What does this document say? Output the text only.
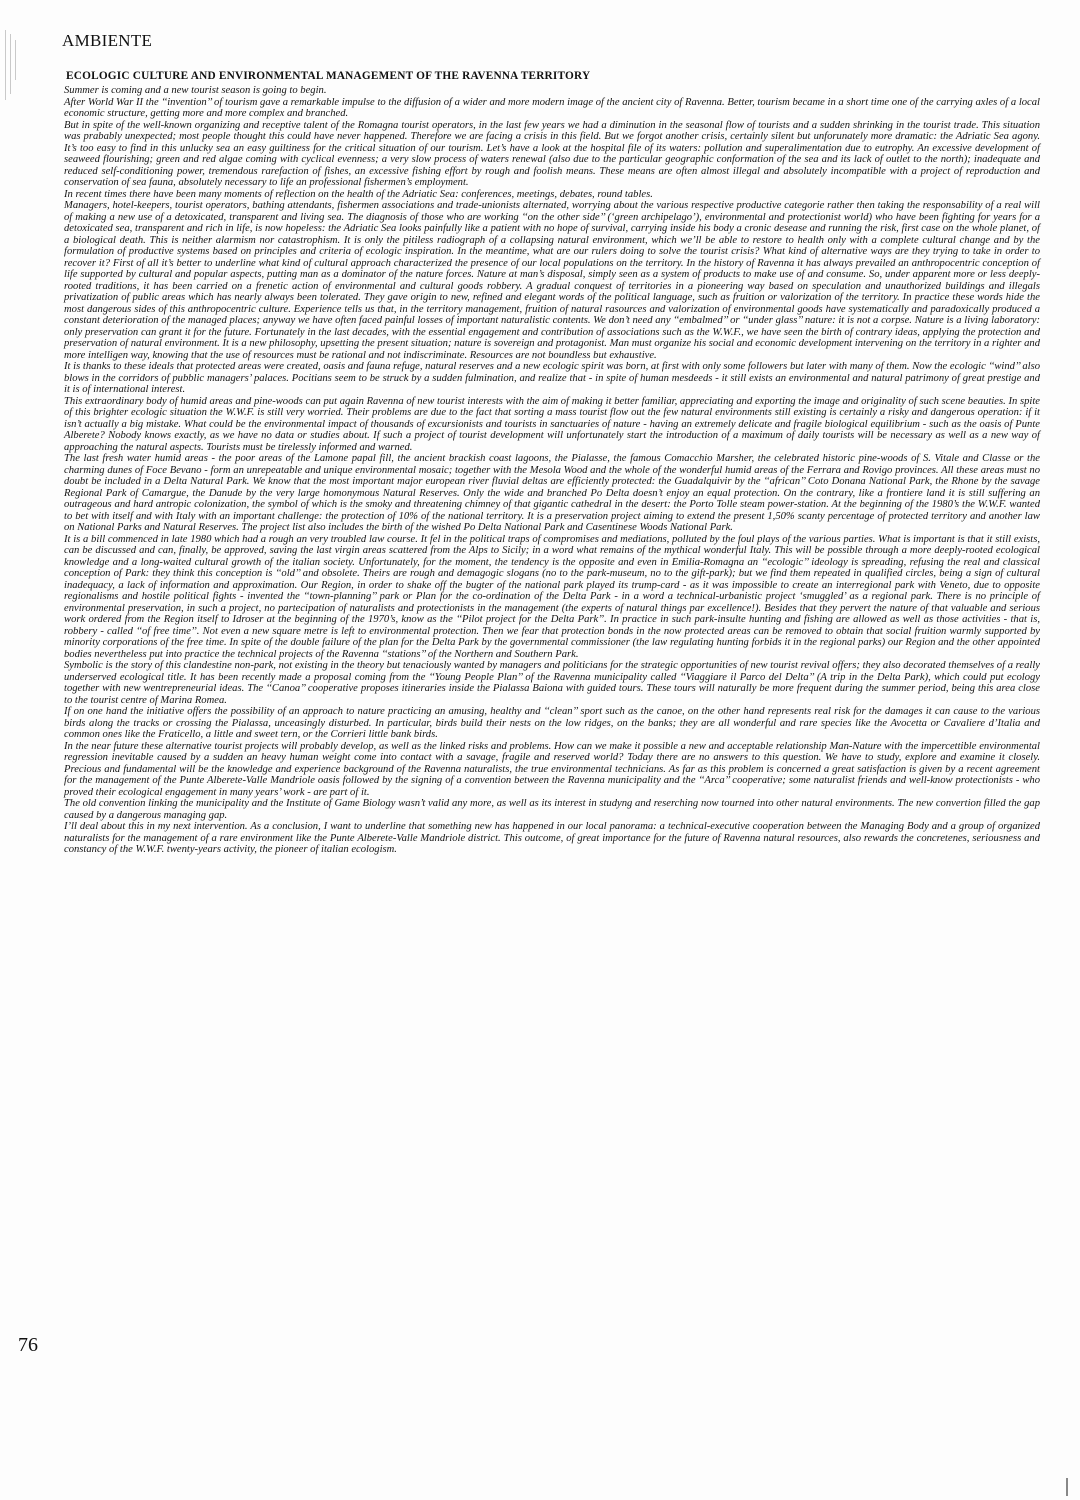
AMBIENTE
ECOLOGIC CULTURE AND ENVIRONMENTAL MANAGEMENT OF THE RAVENNA TERRITORY

Summer is coming and a new tourist season is going to begin.

After World War II the ‘‘invention’’ of tourism gave a remarkable impulse to the diffusion of a wider and more modern image of the ancient city of Ravenna. Better, tourism became in a short time one of the carrying axles of a local economic structure, getting more and more complex and branched.

But in spite of the well-known organizing and receptive talent of the Romagna tourist operators, in the last few years we had a diminution in the seasonal flow of tourists and a sudden shrinking in the tourist trade. This situation was prabably unexpected; most people thought this could have never happened. Therefore we are facing a crisis in this field. But we forgot another crisis, certainly silent but unforunately more dramatic: the Adriatic Sea agony. It’s too easy to find in this unlucky sea an easy guiltiness for the critical situation of our tourism. Let’s have a look at the hospital file of its waters: pollution and superalimentation due to eutrophy. An excessive development of seaweed flourishing; green and red algae coming with cyclical evenness; a very slow process of waters renewal (also due to the particular geographic conformation of the sea and its lack of outlet to the north); inadequate and reduced self-conditioning power, tremendous rarefaction of fishes, an excessive fishing effort by rough and foolish means. These means are often almost illegal and absolutely incompatible with a project of reproduction and conservation of sea fauna, absolutely necessary to life an professional fishermen’s employment.

In recent times there have been many moments of reflection on the health of the Adriatic Sea: conferences, meetings, debates, round tables.

Managers, hotel-keepers, tourist operators, bathing attendants, fishermen associations and trade-unionists alternated, worrying about the various respective productive categorie rather then taking the responsability of a real will of making a new use of a detoxicated, transparent and living sea. The diagnosis of those who are working ‘‘on the other side’’ (‘green archipelago’), environmental and protectionist world) who have been fighting for years for a detoxicated sea, transparent and rich in life, is now hopeless: the Adriatic Sea looks painfully like a patient with no hope of survival, carrying inside his body a cronic desease and running the risk, first case on the whole planet, of a biological death. This is neither alarmism nor catastrophism. It is only the pitiless radiograph of a collapsing natural environment, which we’ll be able to restore to health only with a complete cultural change and by the formulation of productive systems based on principles and criteria of ecologic inspiration. In the meantime, what are our rulers doing to solve the tourist crisis? What kind of alternative ways are they trying to take in order to recover it? First of all it’s better to underline what kind of cultural approach characterized the presence of our local populations on the territory. In the history of Ravenna it has always prevailed an anthropocentric conception of life supported by cultural and popular aspects, putting man as a dominator of the nature forces. Nature at man’s disposal, simply seen as a system of products to make use of and consume. So, under apparent more or less deeply-rooted traditions, it has been carried on a frenetic action of environmental and cultural goods robbery. A gradual conquest of territories in a pioneering way based on speculation and unauthorized buildings and illegals privatization of public areas which has nearly always been tolerated. They gave origin to new, refined and elegant words of the political language, such as fruition or valorization of the territory. In practice these words hide the most dangerous sides of this anthropocentric culture. Experience tells us that, in the territory management, fruition of natural rasources and valorization of environmental goods have systematically and paradoxically produced a constant deterioration of the managed places; anyway we have often faced painful losses of important naturalistic contents. We don’t need any ‘‘embalmed’’ or ‘‘under glass’’ nature: it is not a corpse. Nature is a living laboratory: only preservation can grant it for the future. Fortunately in the last decades, with the essential engagement and contribution of associations such as the W.W.F., we have seen the birth of contrary ideas, applying the protection and preservation of natural environment. It is a new philosophy, upsetting the present situation; nature is sovereign and protagonist. Man must organize his social and economic development intervening on the territory in a righter and more intelligen way, knowing that the use of resources must be rational and not indiscriminate. Resources are not boundless but exhaustive.

It is thanks to these ideals that protected areas were created, oasis and fauna refuge, natural reserves and a new ecologic spirit was born, at first with only some followers but later with many of them. Now the ecologic ‘‘wind’’ also blows in the corridors of pubblic managers’ palaces. Pocitians seem to be struck by a sudden fulmination, and realize that - in spite of human mesdeeds - it still exists an environmental and natural patrimony of great prestige and it is of international interest.

This extraordinary body of humid areas and pine-woods can put again Ravenna of new tourist interests with the aim of making it better familiar, appreciating and exporting the image and originality of such scene beauties. In spite of this brighter ecologic situation the W.W.F. is still very worried. Their problems are due to the fact that sorting a mass tourist flow out the few natural environments still existing is certainly a risky and dangerous operation: if it isn’t actually a big mistake. What could be the environmental impact of thousands of excursionists and tourists in sanctuaries of nature - having an extremely delicate and fragile biological equilibrium - such as the oasis of Punte Alberete? Nobody knows exactly, as we have no data or studies about. If such a project of tourist development will unfortunately start the introduction of a maximum of daily tourists will be necessary as well as a new way of approaching the natural aspects. Tourists must be tirelessly informed and warned.

The last fresh water humid areas - the poor areas of the Lamone papal fill, the ancient brackish coast lagoons, the Pialasse, the famous Comacchio Marsher, the celebrated historic pine-woods of S. Vitale and Classe or the charming dunes of Foce Bevano - form an unrepeatable and unique environmental mosaic; together with the Mesola Wood and the whole of the wonderful humid areas of the Ferrara and Rovigo provinces. All these areas must no doubt be included in a Delta Natural Park. We know that the most important major european river fluvial deltas are efficiently protected: the Guadalquivir by the ‘‘african’’ Coto Donana National Park, the Rhone by the savage Regional Park of Camargue, the Danude by the very large homonymous Natural Reserves. Only the wide and branched Po Delta doesn’t enjoy an equal protection. On the contrary, like a frontiere land it is still suffering an outrageous and hard antropic colonization, the symbol of which is the smoky and threatening chimney of that gigantic cathedral in the desert: the Porto Tolle steam power-station. At the beginning of the 1980’s the W.W.F. wanted to bet with itself and with Italy with an important challenge: the protection of 10% of the national territory. It is a preservation project aiming to extend the present 1,50% scanty percentage of protected territory and another law on National Parks and Natural Reserves. The project list also includes the birth of the wished Po Delta National Park and Casentinese Woods National Park.

It is a bill commenced in late 1980 which had a rough an very troubled law course. It fel in the political traps of compromises and mediations, polluted by the foul plays of the various parties. What is important is that it still exists, can be discussed and can, finally, be approved, saving the last virgin areas scattered from the Alps to Sicily; in a word what remains of the mythical wonderful Italy. This will be possible through a more deeply-rooted ecological knowledge and a long-waited cultural growth of the italian society. Unfortunately, for the moment, the tendency is the opposite and even in Emilia-Romagna an ‘‘ecologic’’ ideology is spreading, refusing the real and classical conception of Park: they think this conception is ‘‘old’’ and obsolete. Theirs are rough and demagogic slogans (no to the park-museum, no to the gift-park); but we find them repeated in qualified circles, being a sign of cultural inadequacy, a lack of information and approximation. Our Region, in order to shake off the bugter of the national park played its trump-card - as it was impossible to create an interregional park with Veneto, due to opposite regionalisms and hostile political fights - invented the ‘‘town-planning’’ park or Plan for the co-ordination of the Delta Park - in a word a technical-urbanistic project ‘smuggled’ as a regional park. There is no principle of environmental preservation, in such a project, no partecipation of naturalists and protectionists in the management (the experts of natural things par excellence!). Besides that they pervert the nature of that valuable and serious work ordered from the Region itself to Idroser at the beginning of the 1970’s, know as the ‘‘Pilot project for the Delta Park’’. In practice in such park-insulte hunting and fishing are allowed as well as those activities - that is, robbery - called ‘‘of free time’’. Not even a new square metre is left to environmental protection. Then we fear that protection bonds in the now protected areas can be removed to obtain that social fruition warmly supported by minority corporations of the free time. In spite of the double failure of the plan for the Delta Park by the governmental commissioner (the law regulating hunting forbids it in the regional parks) our Region and the other appointed bodies nevertheless put into practice the technical projects of the Ravenna ‘‘stations’’ of the Northern and Southern Park.

Symbolic is the story of this clandestine non-park, not existing in the theory but tenaciously wanted by managers and politicians for the strategic opportunities of new tourist revival offers; they also decorated themselves of a really underserved ecological title. It has been recently made a proposal coming from the ‘‘Young People Plan’’ of the Ravenna municipality called ‘‘Viaggiare il Parco del Delta’’ (A trip in the Delta Park), which could put ecology together with new wentrepreneurial ideas. The ‘‘Canoa’’ cooperative proposes itineraries inside the Pialassa Baiona with guided tours. These tours will naturally be more frequent during the summer period, being this area close to the tourist centre of Marina Romea.

If on one hand the initiative offers the possibility of an approach to nature practicing an amusing, healthy and ‘‘clean’’ sport such as the canoe, on the other hand represents real risk for the damages it can cause to the various birds along the tracks or crossing the Pialassa, unceasingly disturbed. In particular, birds build their nests on the low ridges, on the banks; they are all wonderful and rare species like the Avocetta or Cavaliere d’Italia and common ones like the Fraticello, a little and sweet tern, or the Corrieri little bank birds.

In the near future these alternative tourist projects will probably develop, as well as the linked risks and problems. How can we make it possible a new and acceptable relationship Man-Nature with the impercettible environmental regression inevitable caused by a sudden an heavy human weight come into contact with a savage, fragile and reserved world? Today there are no answers to this question. We have to study, explore and examine it closely. Precious and fundamental will be the knowledge and experience background of the Ravenna naturalists, the true environmental technicians. As far as this problem is concerned a great satisfaction is given by a recent agreement for the management of the Punte Alberete-Valle Mandriole oasis followed by the signing of a convention between the Ravenna municipality and the ‘‘Arca’’ cooperative; some naturalist friends and well-know protectionists - who proved their ecological engagement in many years’ work - are part of it.

The old convention linking the municipality and the Institute of Game Biology wasn’t valid any more, as well as its interest in studyng and reserching now tourned into other natural environments. The new convertion filled the gap caused by a dangerous managing gap.

I’ll deal about this in my next intervention. As a conclusion, I want to underline that something new has happened in our local panorama: a technical-executive cooperation between the Managing Body and a group of organized naturalists for the management of a rare environment like the Punte Alberete-Valle Mandriole district. This outcome, of great importance for the future of Ravenna natural resources, also rewards the concretenes, seriousness and constancy of the W.W.F. twenty-years activity, the pioneer of italian ecologism.

76
